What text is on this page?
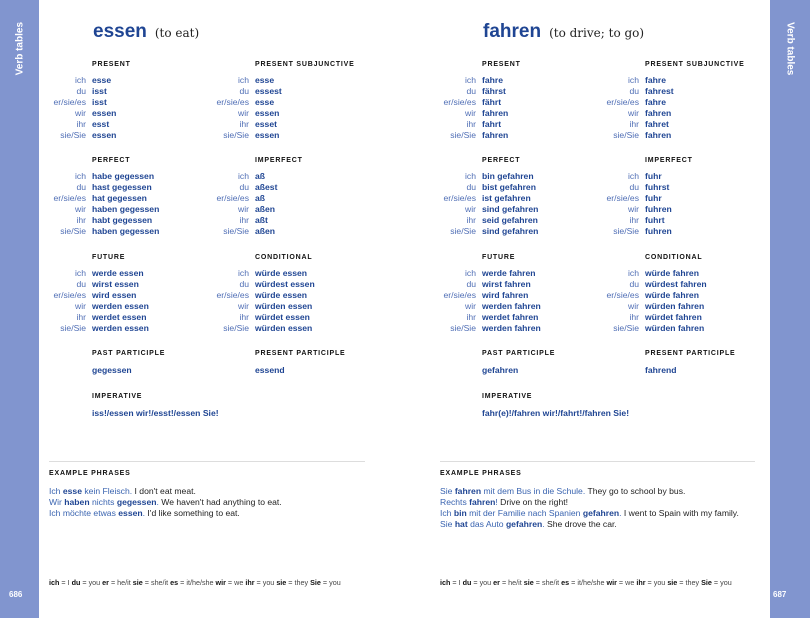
Verb tables
686
Verb tables
687
essen (to eat)
PRESENT
ich esse
du isst
er/sie/es isst
wir essen
ihr esst
sie/Sie essen
PRESENT SUBJUNCTIVE
ich esse
du essest
er/sie/es esse
wir essen
ihr esset
sie/Sie essen
PERFECT
ich habe gegessen
du hast gegessen
er/sie/es hat gegessen
wir haben gegessen
ihr habt gegessen
sie/Sie haben gegessen
IMPERFECT
ich aß
du aßest
er/sie/es aß
wir aßen
ihr aßt
sie/Sie aßen
FUTURE
ich werde essen
du wirst essen
er/sie/es wird essen
wir werden essen
ihr werdet essen
sie/Sie werden essen
CONDITIONAL
ich würde essen
du würdest essen
er/sie/es würde essen
wir würden essen
ihr würdet essen
sie/Sie würden essen
PAST PARTICIPLE
gegessen
PRESENT PARTICIPLE
essend
IMPERATIVE
iss!/essen wir!/esst!/essen Sie!
EXAMPLE PHRASES
Ich esse kein Fleisch. I don't eat meat.
Wir haben nichts gegessen. We haven't had anything to eat.
Ich möchte etwas essen. I'd like something to eat.
ich = I du = you er = he/it sie = she/it es = it/he/she wir = we ihr = you sie = they Sie = you
fahren (to drive; to go)
PRESENT
ich fahre
du fährst
er/sie/es fährt
wir fahren
ihr fahrt
sie/Sie fahren
PRESENT SUBJUNCTIVE
ich fahre
du fahrest
er/sie/es fahre
wir fahren
ihr fahret
sie/Sie fahren
PERFECT
ich bin gefahren
du bist gefahren
er/sie/es ist gefahren
wir sind gefahren
ihr seid gefahren
sie/Sie sind gefahren
IMPERFECT
ich fuhr
du fuhrst
er/sie/es fuhr
wir fuhren
ihr fuhrt
sie/Sie fuhren
FUTURE
ich werde fahren
du wirst fahren
er/sie/es wird fahren
wir werden fahren
ihr werdet fahren
sie/Sie werden fahren
CONDITIONAL
ich würde fahren
du würdest fahren
er/sie/es würde fahren
wir würden fahren
ihr würdet fahren
sie/Sie würden fahren
PAST PARTICIPLE
gefahren
PRESENT PARTICIPLE
fahrend
IMPERATIVE
fahr(e)!/fahren wir!/fahrt!/fahren Sie!
EXAMPLE PHRASES
Sie fahren mit dem Bus in die Schule. They go to school by bus.
Rechts fahren! Drive on the right!
Ich bin mit der Familie nach Spanien gefahren. I went to Spain with my family.
Sie hat das Auto gefahren. She drove the car.
ich = I du = you er = he/it sie = she/it es = it/he/she wir = we ihr = you sie = they Sie = you
